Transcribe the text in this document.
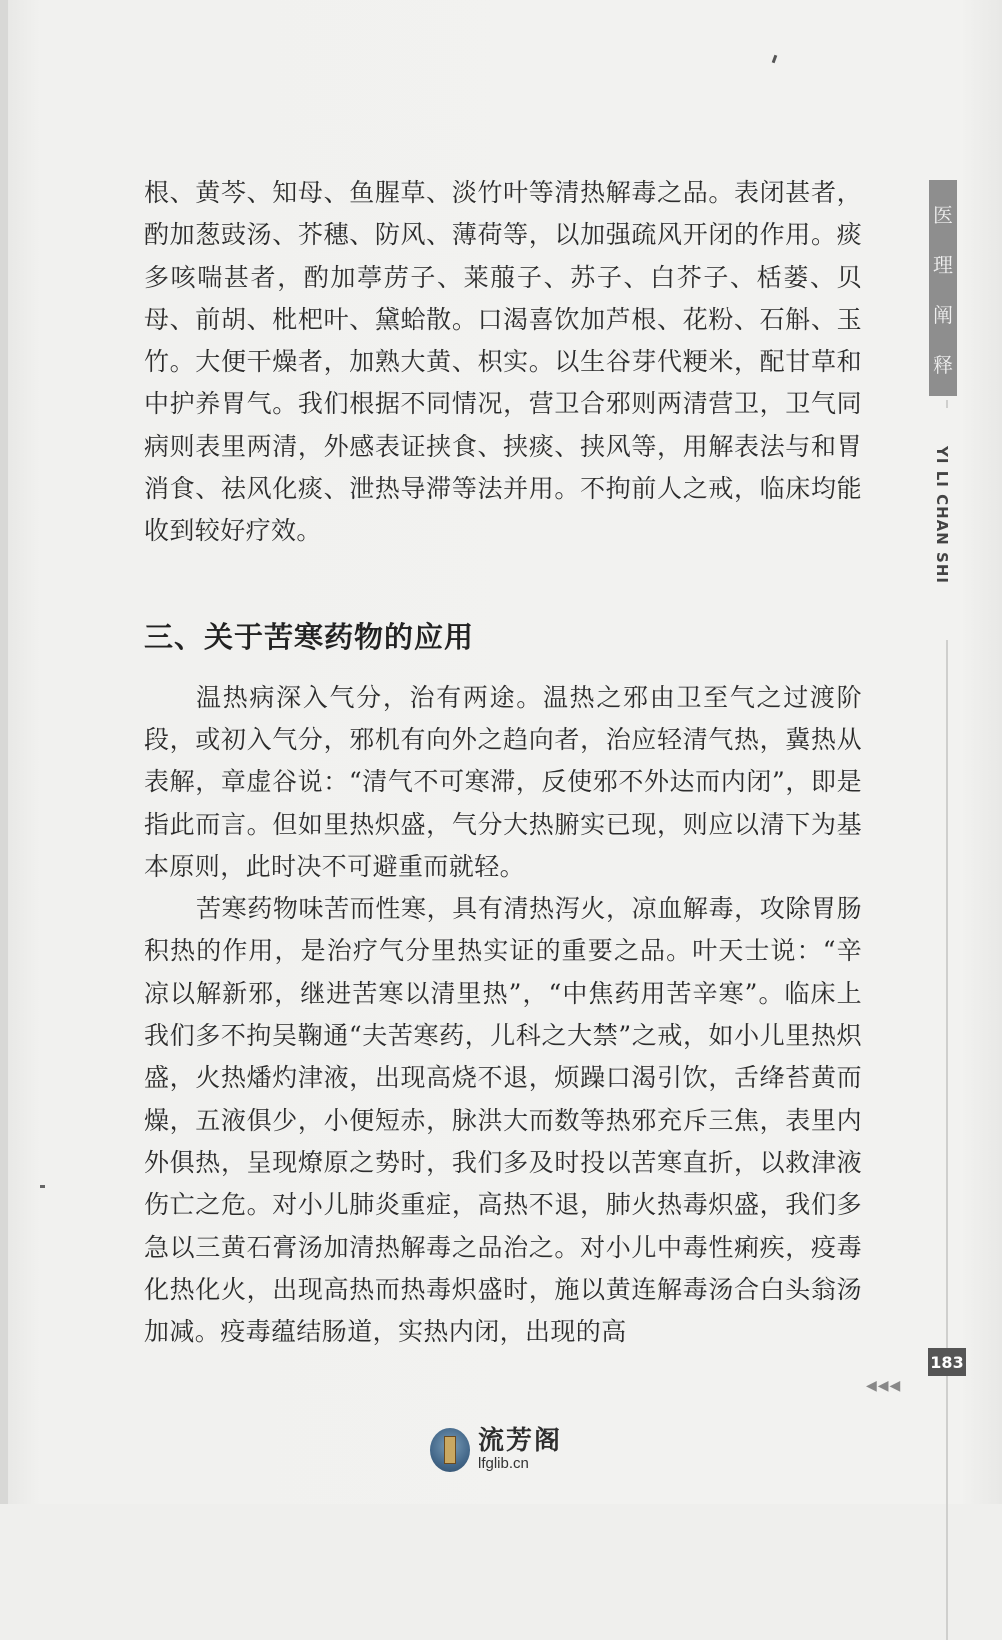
根、黄芩、知母、鱼腥草、淡竹叶等清热解毒之品。表闭甚者，酌加葱豉汤、芥穗、防风、薄荷等，以加强疏风开闭的作用。痰多咳喘甚者，酌加葶苈子、莱菔子、苏子、白芥子、栝蒌、贝母、前胡、枇杷叶、黛蛤散。口渴喜饮加芦根、花粉、石斛、玉竹。大便干燥者，加熟大黄、枳实。以生谷芽代粳米，配甘草和中护养胃气。我们根据不同情况，营卫合邪则两清营卫，卫气同病则表里两清，外感表证挟食、挟痰、挟风等，用解表法与和胃消食、祛风化痰、泄热导滞等法并用。不拘前人之戒，临床均能收到较好疗效。

三、关于苦寒药物的应用

温热病深入气分，治有两途。温热之邪由卫至气之过渡阶段，或初入气分，邪机有向外之趋向者，治应轻清气热，冀热从表解，章虚谷说：“清气不可寒滞，反使邪不外达而内闭”，即是指此而言。但如里热炽盛，气分大热腑实已现，则应以清下为基本原则，此时决不可避重而就轻。

苦寒药物味苦而性寒，具有清热泻火，凉血解毒，攻除胃肠积热的作用，是治疗气分里热实证的重要之品。叶天士说：“辛凉以解新邪，继进苦寒以清里热”，“中焦药用苦辛寒”。临床上我们多不拘吴鞠通“夫苦寒药，儿科之大禁”之戒，如小儿里热炽盛，火热燔灼津液，出现高烧不退，烦躁口渴引饮，舌绛苔黄而燥，五液俱少，小便短赤，脉洪大而数等热邪充斥三焦，表里内外俱热，呈现燎原之势时，我们多及时投以苦寒直折，以救津液伤亡之危。对小儿肺炎重症，高热不退，肺火热毒炽盛，我们多急以三黄石膏汤加清热解毒之品治之。对小儿中毒性痢疾，疫毒化热化火，出现高热而热毒炽盛时，施以黄连解毒汤合白头翁汤加减。疫毒蕴结肠道，实热内闭，出现的高

医
理
阐
释
YI LI CHAN SHI
183
◀◀◀
流芳阁
lfglib.cn
